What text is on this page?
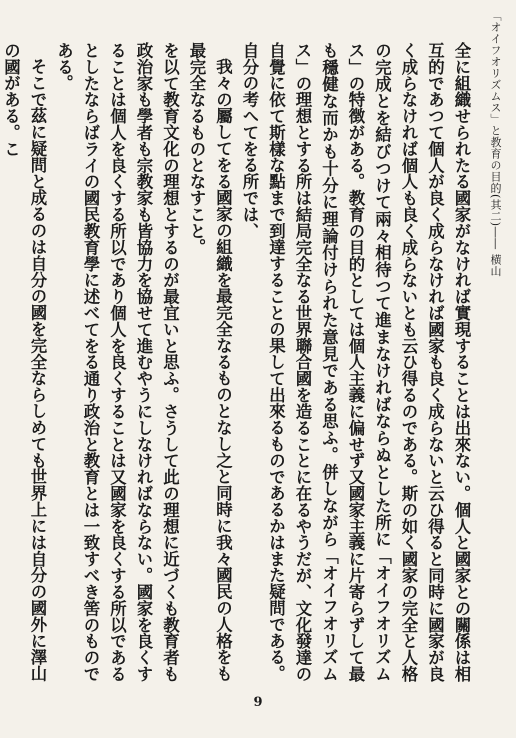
「オイフオリズムス」と教育の目的(其二)―― 横山

全に組織せられたる國家がなければ實現することは出來ない。個人と國家との關係は相互的であつて個人が良く成らなければ國家も良く成らないと云ひ得ると同時に國家が良く成らなければ個人も良く成らないとも云ひ得るのである。斯の如く國家の完全と人格の完成とを結びつけて兩々相待つて進まなければならぬとした所に「オイフオリズムス」の特徴がある。教育の目的としては個人主義に偏せず又國家主義に片寄らずして最も穩健な而かも十分に理論付けられた意見である思ふ。併しながら「オイフオリズムス」の理想とする所は結局完全なる世界聯合國を造ることに在るやうだが、文化發達の自覺に依て斯樣な點まで到達することの果して出來るものであるかはまた疑問である。

自分の考へてをる所では、

我々の屬してをる國家の組織を最完全なるものとなし之と同時に我々國民の人格をも最完全なるものとなすこと。

を以て教育文化の理想とするのが最宜いと思ふ。さうして此の理想に近づくも教育者も政治家も學者も宗教家も皆協力を協せて進むやうにしなければならない。國家を良くすることは個人を良くする所以であり個人を良くすることは又國家を良くする所以であるとしたならばライの國民教育學に述べてをる通り政治と教育とは一致すべき筈のものである。

そこで茲に疑問と成るのは自分の國を完全ならしめても世界上には自分の國外に澤山の國がある。こ

9
